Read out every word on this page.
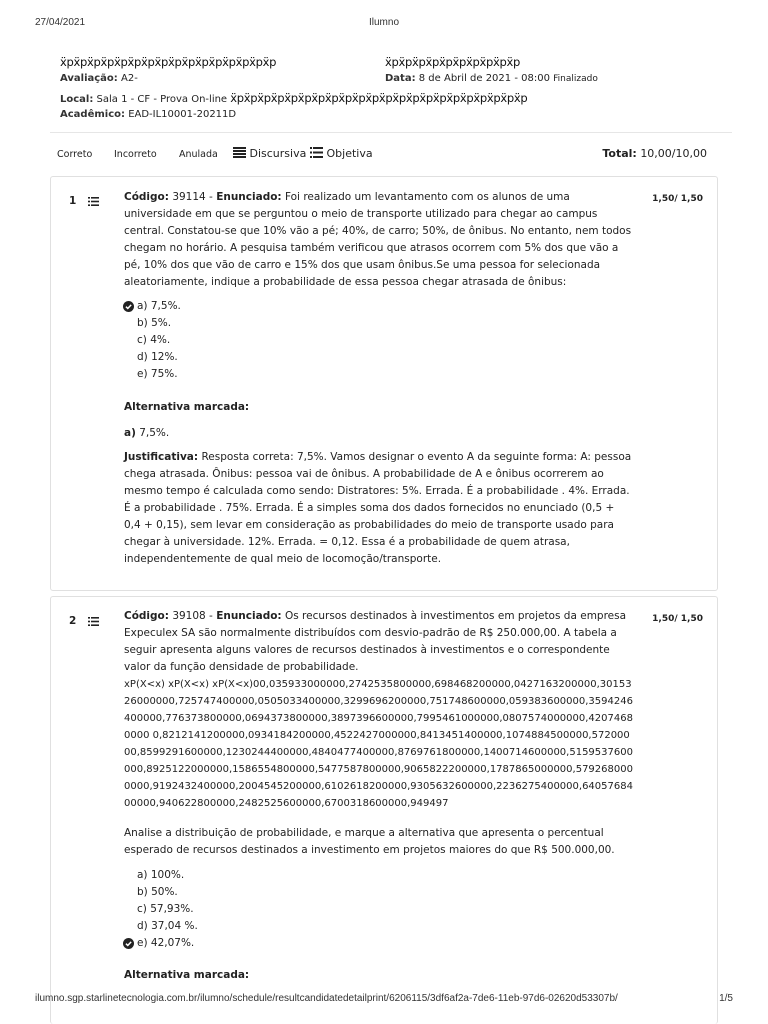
27/04/2021	Ilumno
ẍpẍpẍpẍpẍpẍpẍpẍpẍpẍpẍpẍpẍpẍpẍpẍp
Avaliação: A2-
Local: Sala 1 - CF - Prova On-line ẍpẍpẍpẍpẍpẍpẍpẍpẍpẍpẍpẍpẍpẍpẍpẍpẍpẍpẍpẍpẍpẍp
Acadêmico: EAD-IL10001-20211D
ẍpẍpẍpẍpẍpẍpẍpẍpẍpẍp
Data: 8 de Abril de 2021 - 08:00 Finalizado
Correto Incorreto Anulada	Discursiva	Objetiva	Total: 10,00/10,00
1	1,50/ 1,50
Código: 39114 - Enunciado: Foi realizado um levantamento com os alunos de uma universidade em que se perguntou o meio de transporte utilizado para chegar ao campus central. Constatou-se que 10% vão a pé; 40%, de carro; 50%, de ônibus. No entanto, nem todos chegam no horário. A pesquisa também verificou que atrasos ocorrem com 5% dos que vão a pé, 10% dos que vão de carro e 15% dos que usam ônibus.Se uma pessoa for selecionada aleatoriamente, indique a probabilidade de essa pessoa chegar atrasada de ônibus:
a) 7,5%.
b) 5%.
c) 4%.
d) 12%.
e) 75%.
Alternativa marcada:
a) 7,5%.
Justificativa: Resposta correta: 7,5%. Vamos designar o evento A da seguinte forma: A: pessoa chega atrasada. Ônibus: pessoa vai de ônibus. A probabilidade de A e ônibus ocorrerem ao mesmo tempo é calculada como sendo: Distratores: 5%. Errada. É a probabilidade . 4%. Errada. É a probabilidade . 75%. Errada. É a simples soma dos dados fornecidos no enunciado (0,5 + 0,4 + 0,15), sem levar em consideração as probabilidades do meio de transporte usado para chegar à universidade. 12%. Errada. = 0,12. Essa é a probabilidade de quem atrasa, independentemente de qual meio de locomoção/transporte.
2	1,50/ 1,50
Código: 39108 - Enunciado: Os recursos destinados à investimentos em projetos da empresa Expeculex SA são normalmente distribuídos com desvio-padrão de R$ 250.000,00. A tabela a seguir apresenta alguns valores de recursos destinados à investimentos e o correspondente valor da função densidade de probabilidade.
xP(X<x) xP(X<x) xP(X<x)00,035933000000,2742535800000,698468200000,0427163200000,3015326000000,725747400000,0505033400000,3299696200000,751748600000,059383600000,3594246400000,776373800000,0694373800000,3897396600000,7995461000000,0807574000000,42074680000 0,8212141200000,0934184200000,4522427000000,8413451400000,1074884500000,57200000,8599291600000,1230244400000,4840477400000,8769761800000,1400714600000,5159537600000,8925122000000,1586554800000,5477587800000,9065822200000,1787865000000,5792680000000,9192432400000,2004545200000,6102618200000,9305632600000,2236275400000,6405768400000,940622800000,2482525600000,6700318600000,949497
Analise a distribuição de probabilidade, e marque a alternativa que apresenta o percentual esperado de recursos destinados a investimento em projetos maiores do que R$ 500.000,00.
a) 100%.
b) 50%.
c) 57,93%.
d) 37,04 %.
e) 42,07%.
Alternativa marcada:
ilumno.sgp.starlinetecnologia.com.br/ilumno/schedule/resultcandidatedetailprint/6206115/3df6af2a-7de6-11eb-97d6-02620d53307b/	1/5
